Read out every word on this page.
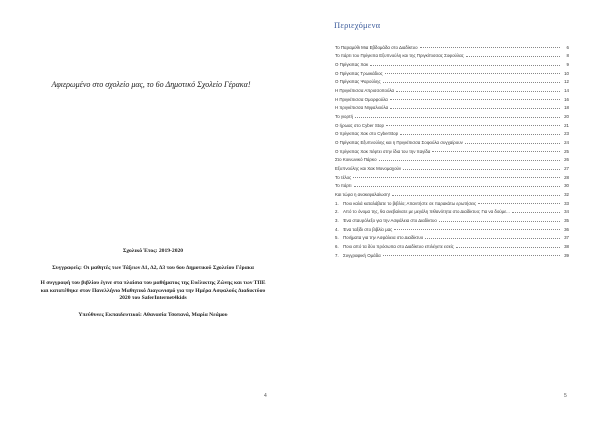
Αφιερωμένο στο σχολείο μας, το 6ο Δημοτικό Σχολείο Γέρακα!

Σχολικό Έτος: 2019-2020

Συγγραφείς: Οι μαθητές των Τάξεων Δ1, Δ2, Δ3 του 6ου Δημοτικού Σχολείου Γέρακα

Η συγγραφή του βιβλίου έγινε στα πλαίσια του μαθήματος της Ευέλικτης Ζώνης και των ΤΠΕ και κατατέθηκε στον Πανελλήνιο Μαθητικό Διαγωνισμό για την Ημέρα Ασφαλούς Διαδικτύου 2020 του SaferInternet4kids

Υπεύθυνες Εκπαιδευτικοί: Αθανασία Τσοπανά, Μαρία Νεάμου

4
Περιεχόμενα
Το Παραμύθι Μια Εβδομάδα στο Διαδίκτυο	6
Το πάρτι του Πρίγκιπα Εξυπνούλη και της Πριγκίπισσας Σοφούλας	8
Ο Πρίγκιπας Χακ	9
Ο Πρίγκιπας Τρωικάδιος	10
Ο Πρίγκιπας Ψαρούλης	12
Η Πριγκίπισσα Απρισσοπούλα	14
Η Πριγκίπισσα Ομορφούλα	16
Η πριγκίπισσα Νηφαλιούλα	18
Το γιορτή	20
Ο ήρωας στο Cyber Stop	21
Ο πρίγκιπας Χακ στο CyberStop	23
Ο Πρίγκιπας Εξυπνούλης και η Πριγκίπισσα Σοφούλα συγχαίρουν	24
Ο πρίγκιπας Χακ πέφτει στην ίδια του την παγίδα	25
Στο Κοινωνικό Πάρκο	26
Εξυπνούλης και Χακ Μονομαχούν	27
Το τέλος	28
Το πάρτι	30
Και τώρα η ανακεφαλαίωση!	32
1. Ποιο καλά καταλάβατε το βιβλίο; Απαντήστε σε παρακάτω ερωτήσεις	33
2. Από το όνομα της, θα ανεβαίνατε με μεγάλη πιθανότητα στο Διαδίκτυο; Για να δούμε...	34
3. Ένα σταυρόλεξο για την Ασφάλεια στο Διαδίκτυο	35
4. Ένα ταξίδι στο βιβλίο μας	36
5. Ποιήματα για την Ασφάλεια στο Διαδίκτυο	37
6. Ποιο από τα δύο πρόσωπα στο Διαδίκτυο επιλέγετε εσείς	38
7. Συγγραφική Ομάδα	39
5
